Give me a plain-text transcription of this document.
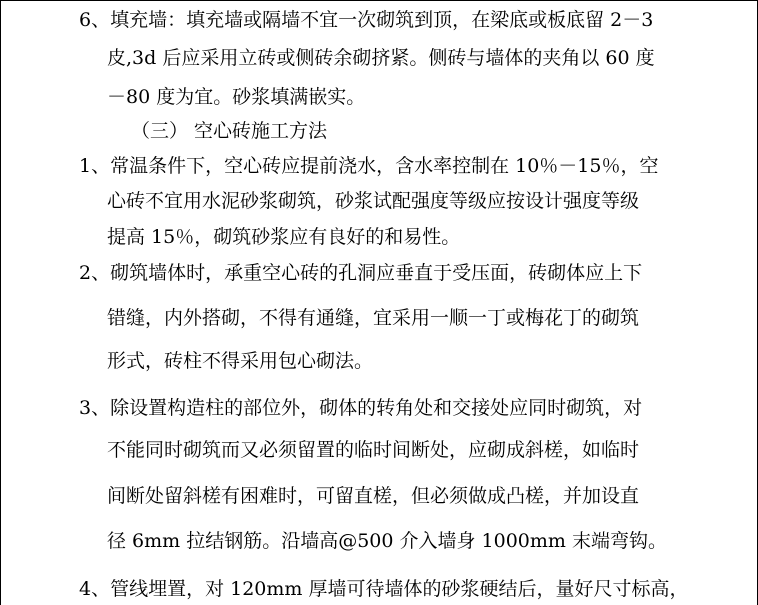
6、填充墙：填充墙或隔墙不宜一次砌筑到顶，在梁底或板底留 2－3
皮,3d 后应采用立砖或侧砖余砌挤紧。侧砖与墙体的夹角以 60 度
－80 度为宜。砂浆填满嵌实。
（三） 空心砖施工方法
1、常温条件下，空心砖应提前浇水，含水率控制在 10％－15％，空
心砖不宜用水泥砂浆砌筑，砂浆试配强度等级应按设计强度等级
提高 15％，砌筑砂浆应有良好的和易性。
2、砌筑墙体时，承重空心砖的孔洞应垂直于受压面，砖砌体应上下
错缝，内外搭砌，不得有通缝，宜采用一顺一丁或梅花丁的砌筑
形式，砖柱不得采用包心砌法。
3、除设置构造柱的部位外，砌体的转角处和交接处应同时砌筑，对
不能同时砌筑而又必须留置的临时间断处，应砌成斜槎，如临时
间断处留斜槎有困难时，可留直槎，但必须做成凸槎，并加设直
径 6mm 拉结钢筋。沿墙高@500 介入墙身 1000mm 末端弯钩。
4、管线埋置，对 120mm 厚墙可待墙体的砂浆硬结后，量好尺寸标高，
